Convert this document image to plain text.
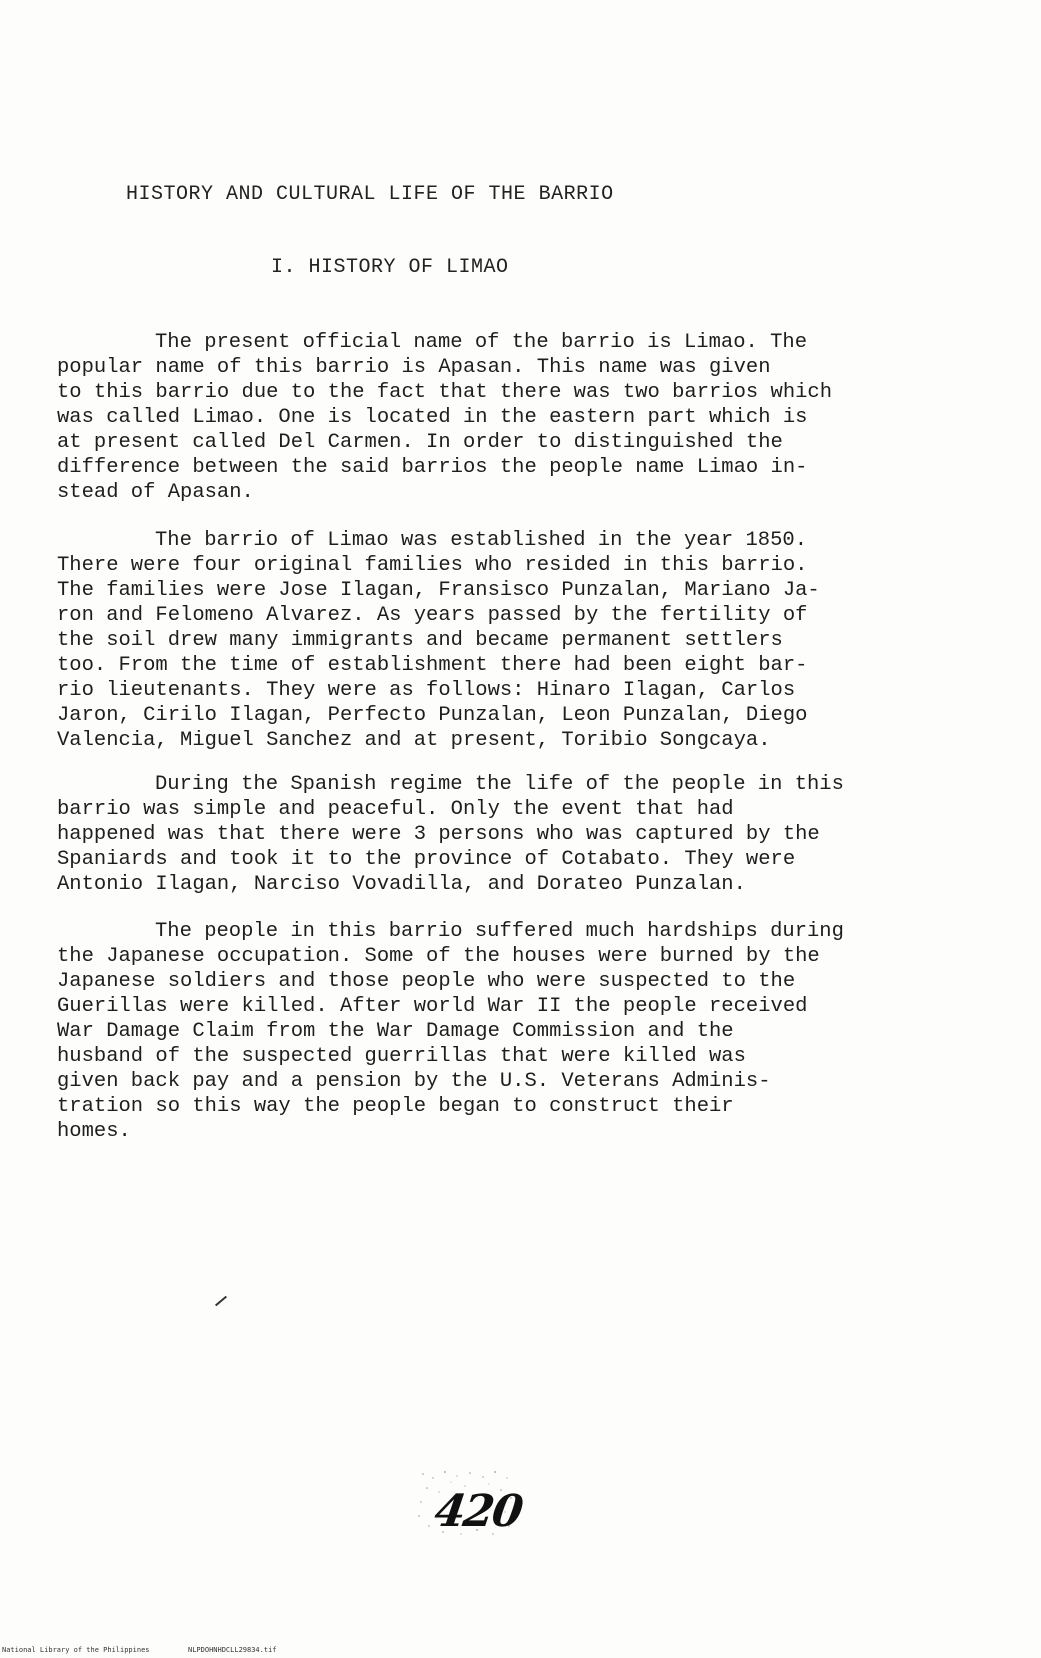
HISTORY AND CULTURAL LIFE OF THE BARRIO
I. HISTORY OF LIMAO
The present official name of the barrio is Limao. The
popular name of this barrio is Apasan. This name was given
to this barrio due to the fact that there was two barrios which
was called Limao. One is located in the eastern part which is
at present called Del Carmen. In order to distinguished the
difference between the said barrios the people name Limao in-
stead of Apasan.
The barrio of Limao was established in the year 1850.
There were four original families who resided in this barrio.
The families were Jose Ilagan, Fransisco Punzalan, Mariano Ja-
ron and Felomeno Alvarez. As years passed by the fertility of
the soil drew many immigrants and became permanent settlers
too. From the time of establishment there had been eight bar-
rio lieutenants. They were as follows: Hinaro Ilagan, Carlos
Jaron, Cirilo Ilagan, Perfecto Punzalan, Leon Punzalan, Diego
Valencia, Miguel Sanchez and at present, Toribio Songcaya.
During the Spanish regime the life of the people in this
barrio was simple and peaceful. Only the event that had
happened was that there were 3 persons who was captured by the
Spaniards and took it to the province of Cotabato. They were
Antonio Ilagan, Narciso Vovadilla, and Dorateo Punzalan.
The people in this barrio suffered much hardships during
the Japanese occupation. Some of the houses were burned by the
Japanese soldiers and those people who were suspected to the
Guerillas were killed. After world War II the people received
War Damage Claim from the War Damage Commission and the
husband of the suspected guerrillas that were killed was
given back pay and a pension by the U.S. Veterans Adminis-
tration so this way the people began to construct their
homes.
420
National Library of the Philippines	NLPDOHNHDCLL29834.tif
